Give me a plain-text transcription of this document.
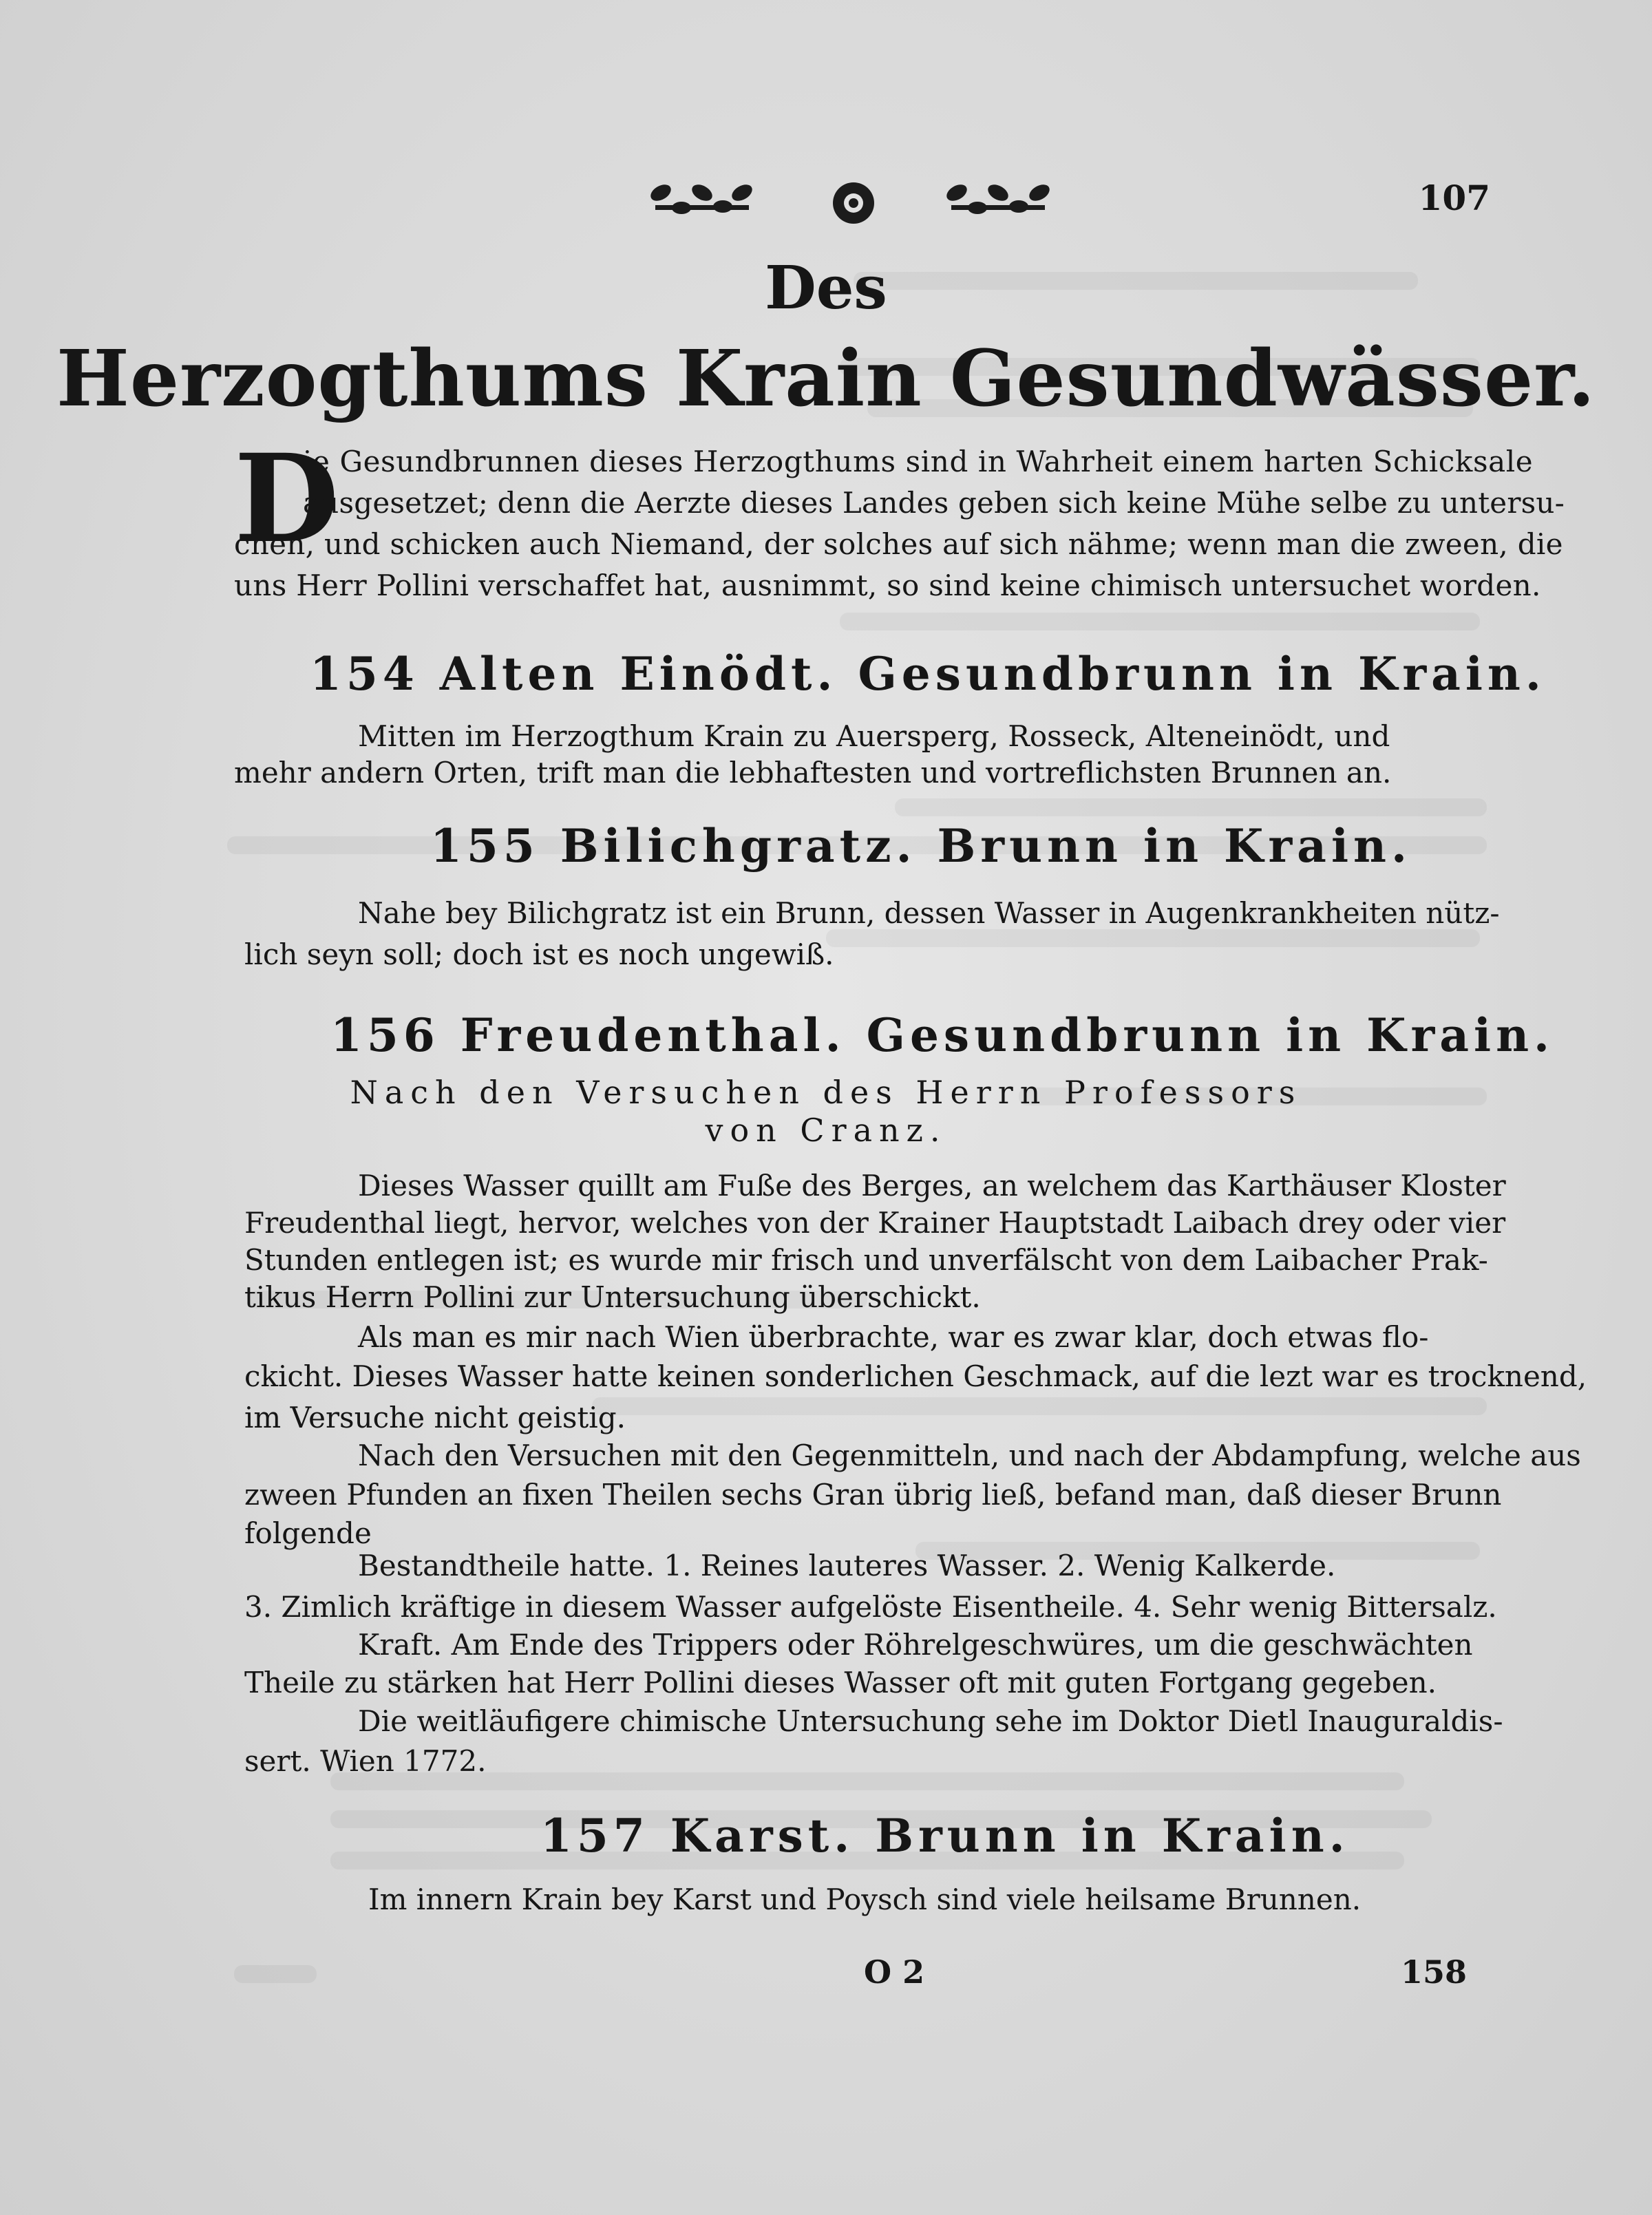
107
Des
Herzogthums Krain Gesundwässer.
D
ie Gesundbrunnen dieses Herzogthums sind in Wahrheit einem harten Schicksale
ausgesetzet; denn die Aerzte dieses Landes geben sich keine Mühe selbe zu untersu-
chen, und schicken auch Niemand, der solches auf sich nähme; wenn man die zween, die
uns Herr Pollini verschaffet hat, ausnimmt, so sind keine chimisch untersuchet worden.
154 Alten Einödt. Gesundbrunn in Krain.
Mitten im Herzogthum Krain zu Auersperg, Rosseck, Alteneinödt, und
mehr andern Orten, trift man die lebhaftesten und vortreflichsten Brunnen an.
155 Bilichgratz. Brunn in Krain.
Nahe bey Bilichgratz ist ein Brunn, dessen Wasser in Augenkrankheiten nütz-
lich seyn soll; doch ist es noch ungewiß.
156 Freudenthal. Gesundbrunn in Krain.
Nach den Versuchen des Herrn Professors
von Cranz.
Dieses Wasser quillt am Fuße des Berges, an welchem das Karthäuser Kloster
Freudenthal liegt, hervor, welches von der Krainer Hauptstadt Laibach drey oder vier
Stunden entlegen ist; es wurde mir frisch und unverfälscht von dem Laibacher Prak-
tikus Herrn Pollini zur Untersuchung überschickt.
Als man es mir nach Wien überbrachte, war es zwar klar, doch etwas flo-
ckicht. Dieses Wasser hatte keinen sonderlichen Geschmack, auf die lezt war es trocknend,
im Versuche nicht geistig.
Nach den Versuchen mit den Gegenmitteln, und nach der Abdampfung, welche aus
zween Pfunden an fixen Theilen sechs Gran übrig ließ, befand man, daß dieser Brunn
folgende
Bestandtheile hatte. 1. Reines lauteres Wasser. 2. Wenig Kalkerde.
3. Zimlich kräftige in diesem Wasser aufgelöste Eisentheile. 4. Sehr wenig Bittersalz.
Kraft. Am Ende des Trippers oder Röhrelgeschwüres, um die geschwächten
Theile zu stärken hat Herr Pollini dieses Wasser oft mit guten Fortgang gegeben.
Die weitläufigere chimische Untersuchung sehe im Doktor Dietl Inauguraldis-
sert. Wien 1772.
157 Karst. Brunn in Krain.
Im innern Krain bey Karst und Poysch sind viele heilsame Brunnen.
O 2	158
